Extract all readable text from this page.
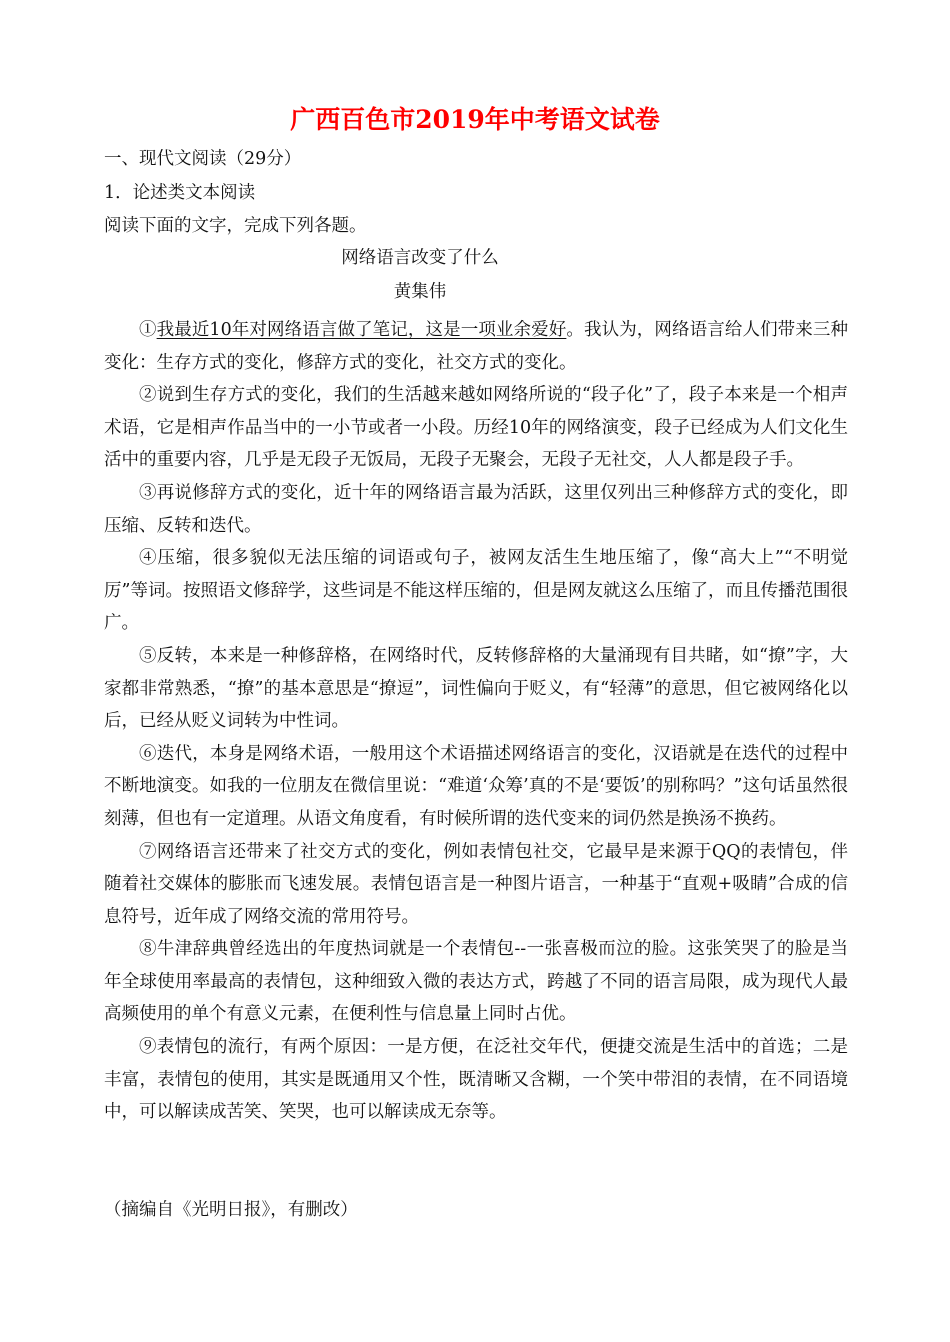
广西百色市2019年中考语文试卷

一、现代文阅读（29分）

1．论述类文本阅读

阅读下面的文字，完成下列各题。

网络语言改变了什么

黄集伟

①我最近10年对网络语言做了笔记，这是一项业余爱好。我认为，网络语言给人们带来三种变化：生存方式的变化，修辞方式的变化，社交方式的变化。

②说到生存方式的变化，我们的生活越来越如网络所说的“段子化”了，段子本来是一个相声术语，它是相声作品当中的一小节或者一小段。历经10年的网络演变，段子已经成为人们文化生活中的重要内容，几乎是无段子无饭局，无段子无聚会，无段子无社交，人人都是段子手。

③再说修辞方式的变化，近十年的网络语言最为活跃，这里仅列出三种修辞方式的变化，即压缩、反转和迭代。

④压缩，很多貌似无法压缩的词语或句子，被网友活生生地压缩了，像“高大上”“不明觉厉”等词。按照语文修辞学，这些词是不能这样压缩的，但是网友就这么压缩了，而且传播范围很广。

⑤反转，本来是一种修辞格，在网络时代，反转修辞格的大量涌现有目共睹，如“撩”字，大家都非常熟悉，“撩”的基本意思是“撩逗”，词性偏向于贬义，有“轻薄”的意思，但它被网络化以后，已经从贬义词转为中性词。

⑥迭代，本身是网络术语，一般用这个术语描述网络语言的变化，汉语就是在迭代的过程中不断地演变。如我的一位朋友在微信里说：“难道‘众筹’真的不是‘要饭’的别称吗？”这句话虽然很刻薄，但也有一定道理。从语文角度看，有时候所谓的迭代变来的词仍然是换汤不换药。

⑦网络语言还带来了社交方式的变化，例如表情包社交，它最早是来源于QQ的表情包，伴随着社交媒体的膨胀而飞速发展。表情包语言是一种图片语言，一种基于“直观+吸睛”合成的信息符号，近年成了网络交流的常用符号。

⑧牛津辞典曾经选出的年度热词就是一个表情包--一张喜极而泣的脸。这张笑哭了的脸是当年全球使用率最高的表情包，这种细致入微的表达方式，跨越了不同的语言局限，成为现代人最高频使用的单个有意义元素，在便利性与信息量上同时占优。

⑨表情包的流行，有两个原因：一是方便，在泛社交年代，便捷交流是生活中的首选；二是丰富，表情包的使用，其实是既通用又个性，既清晰又含糊，一个笑中带泪的表情，在不同语境中，可以解读成苦笑、笑哭，也可以解读成无奈等。

（摘编自《光明日报》，有删改）
